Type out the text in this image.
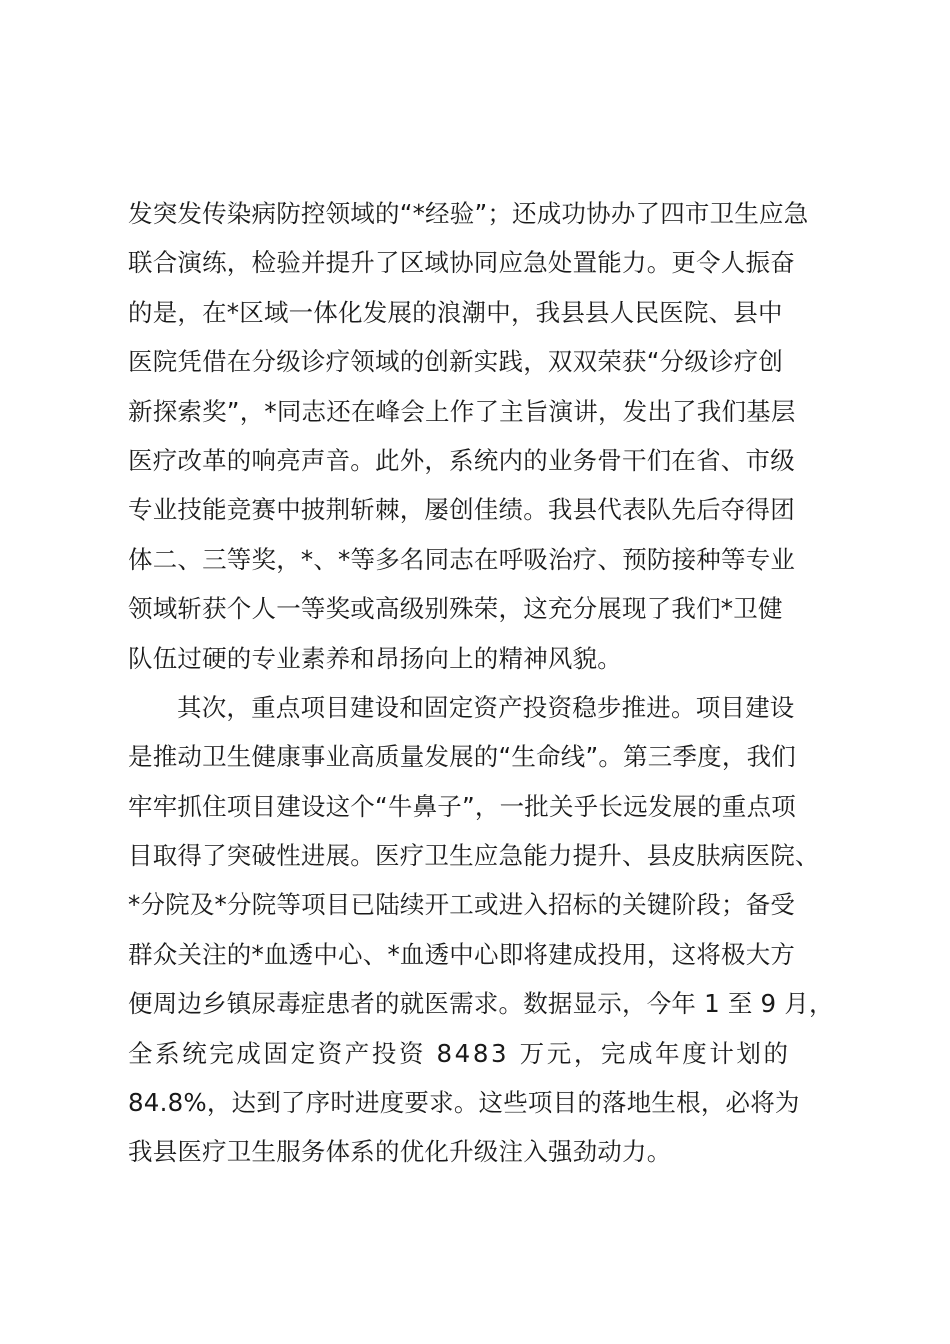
发突发传染病防控领域的“*经验”；还成功协办了四市卫生应急
联合演练，检验并提升了区域协同应急处置能力。更令人振奋
的是，在*区域一体化发展的浪潮中，我县县人民医院、县中
医院凭借在分级诊疗领域的创新实践，双双荣获“分级诊疗创
新探索奖”，*同志还在峰会上作了主旨演讲，发出了我们基层
医疗改革的响亮声音。此外，系统内的业务骨干们在省、市级
专业技能竞赛中披荆斩棘，屡创佳绩。我县代表队先后夺得团
体二、三等奖，*、*等多名同志在呼吸治疗、预防接种等专业
领域斩获个人一等奖或高级别殊荣，这充分展现了我们*卫健
队伍过硬的专业素养和昂扬向上的精神风貌。
其次，重点项目建设和固定资产投资稳步推进。项目建设
是推动卫生健康事业高质量发展的“生命线”。第三季度，我们
牢牢抓住项目建设这个“牛鼻子”，一批关乎长远发展的重点项
目取得了突破性进展。医疗卫生应急能力提升、县皮肤病医院、
*分院及*分院等项目已陆续开工或进入招标的关键阶段；备受
群众关注的*血透中心、*血透中心即将建成投用，这将极大方
便周边乡镇尿毒症患者的就医需求。数据显示，今年 1 至 9 月，
全系统完成固定资产投资 8483 万元，完成年度计划的
84.8%，达到了序时进度要求。这些项目的落地生根，必将为
我县医疗卫生服务体系的优化升级注入强劲动力。
